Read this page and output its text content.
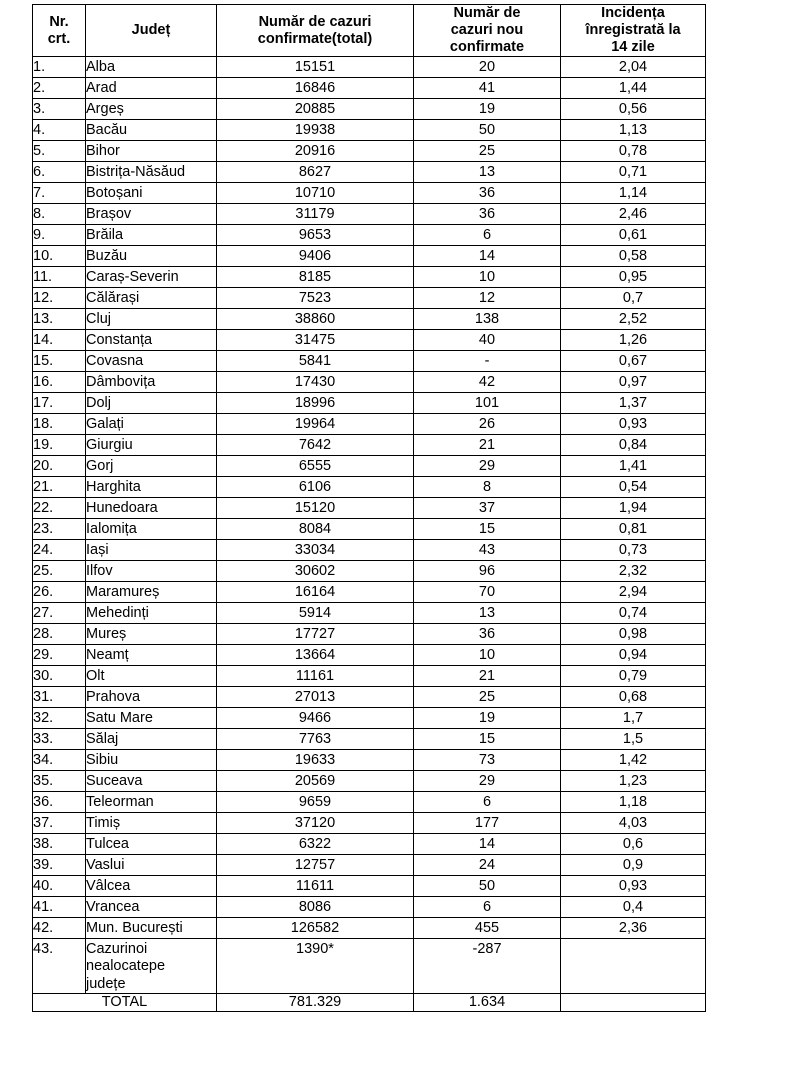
Nr.
crt.
	Județ	
Număr de cazuri
confirmate(total)

Număr de
cazuri nou
confirmate

Incidența
înregistrată la
14 zile

1.	Alba	15151	20	2,04
2.	Arad	16846	41	1,44
3.	Argeș	20885	19	0,56
4.	Bacău	19938	50	1,13
5.	Bihor	20916	25	0,78
6.	Bistrița-Năsăud	8627	13	0,71
7.	Botoșani	10710	36	1,14
8.	Brașov	31179	36	2,46
9.	Brăila	9653	6	0,61
10.	Buzău	9406	14	0,58
11.	Caraș-Severin	8185	10	0,95
12.	Călărași	7523	12	0,7
13.	Cluj	38860	138	2,52
14.	Constanța	31475	40	1,26
15.	Covasna	5841	-	0,67
16.	Dâmbovița	17430	42	0,97
17.	Dolj	18996	101	1,37
18.	Galați	19964	26	0,93
19.	Giurgiu	7642	21	0,84
20.	Gorj	6555	29	1,41
21.	Harghita	6106	8	0,54
22.	Hunedoara	15120	37	1,94
23.	Ialomița	8084	15	0,81
24.	Iași	33034	43	0,73
25.	Ilfov	30602	96	2,32
26.	Maramureș	16164	70	2,94
27.	Mehedinți	5914	13	0,74
28.	Mureș	17727	36	0,98
29.	Neamț	13664	10	0,94
30.	Olt	11161	21	0,79
31.	Prahova	27013	25	0,68
32.	Satu Mare	9466	19	1,7
33.	Sălaj	7763	15	1,5
34.	Sibiu	19633	73	1,42
35.	Suceava	20569	29	1,23
36.	Teleorman	9659	6	1,18
37.	Timiș	37120	177	4,03
38.	Tulcea	6322	14	0,6
39.	Vaslui	12757	24	0,9
40.	Vâlcea	11611	50	0,93
41.	Vrancea	8086	6	0,4
42.	Mun. București	126582	455	2,36
43.	Cazurinoi
nealocatepe
județe	1390*	-287	
TOTAL		781.329	1.634	
